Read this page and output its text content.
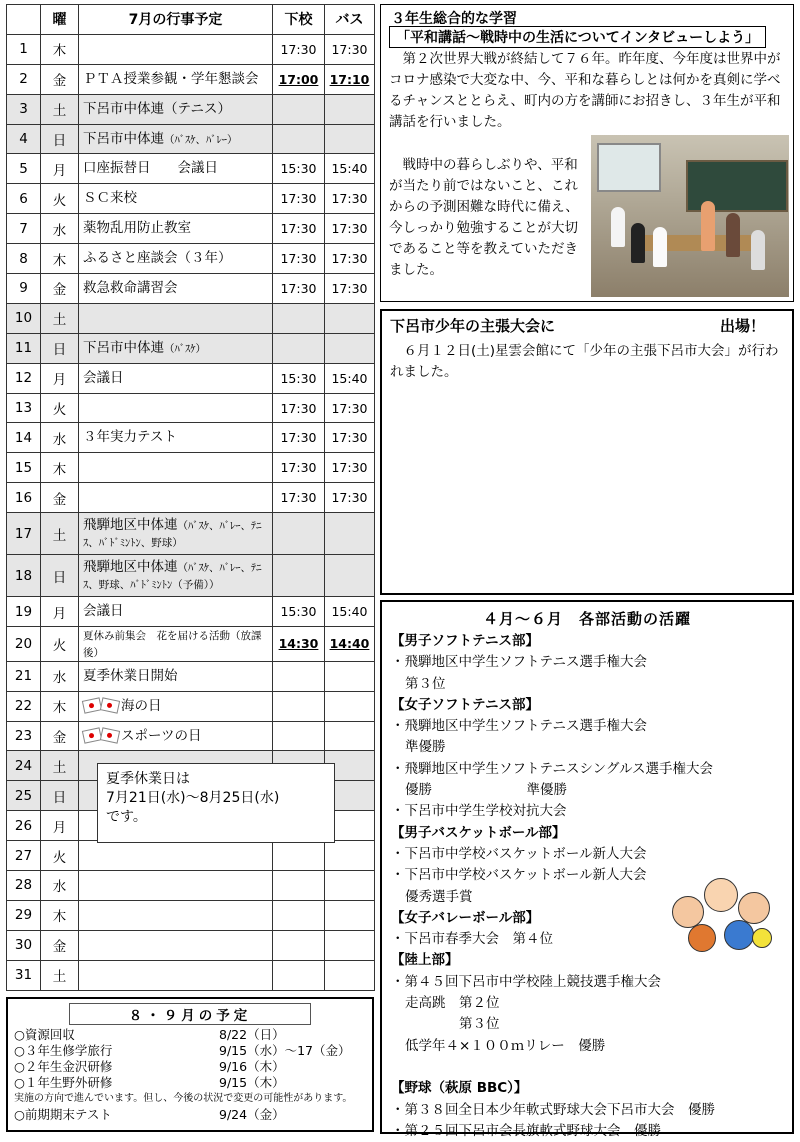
	曜	7月の行事予定	下校	バス
1	木		17:30	17:30
2	金	ＰＴＡ授業参観・学年懇談会	17:00	17:10
3	土	下呂市中体連（テニス）		
4	日	下呂市中体連（ﾊﾞｽｹ、ﾊﾞﾚｰ）		
5	月	口座振替日　　会議日	15:30	15:40
6	火	ＳＣ来校	17:30	17:30
7	水	薬物乱用防止教室	17:30	17:30
8	木	ふるさと座談会（３年）	17:30	17:30
9	金	救急救命講習会	17:30	17:30
10	土			
11	日	下呂市中体連（ﾊﾞｽｹ）		
12	月	会議日	15:30	15:40
13	火		17:30	17:30
14	水	３年実力テスト	17:30	17:30
15	木		17:30	17:30
16	金		17:30	17:30
17	土	飛騨地区中体連（ﾊﾞｽｹ、ﾊﾞﾚｰ、ﾃﾆｽ、ﾊﾞﾄﾞﾐﾝﾄﾝ、野球）		
18	日	飛騨地区中体連（ﾊﾞｽｹ、ﾊﾞﾚｰ、ﾃﾆｽ、野球、ﾊﾞﾄﾞﾐﾝﾄﾝ（予備））		
19	月	会議日	15:30	15:40
20	火	夏休み前集会　花を届ける活動（放課後）	14:30	14:40
21	水	夏季休業日開始		
22	木	海の日		
23	金	スポーツの日		
24	土			
25	日			
26	月			
27	火			
28	水			
29	木			
30	金			
31	土			
夏季休業日は
7月21日(水)～8月25日(水)
です。
８・９月の予定
○資源回収	8/22（日）
○３年生修学旅行	9/15（水）～17（金）
○２年生金沢研修	9/16（木）
○１年生野外研修	9/15（木）
実施の方向で進んでいます。但し、今後の状況で変更の可能性があります。
○前期期末テスト	9/24（金）
３年生総合的な学習
「平和講話～戦時中の生活についてインタビューしよう」
第２次世界大戦が終結して７６年。昨年度、今年度は世界中がコロナ感染で大変な中、今、平和な暮らしとは何かを真剣に学べるチャンスととらえ、町内の方を講師にお招きし、３年生が平和講話を行いました。
戦時中の暮らしぶりや、平和が当たり前ではないこと、これからの予測困難な時代に備え、今しっかり勉強することが大切であること等を教えていただきました。
下呂市少年の主張大会に	出場！
６月１２日(土)星雲会館にて「少年の主張下呂市大会」が行われました。
４月～６月　各部活動の活躍
【男子ソフトテニス部】
・飛騨地区中学生ソフトテニス選手権大会
第３位
【女子ソフトテニス部】
・飛騨地区中学生ソフトテニス選手権大会
準優勝
・飛騨地区中学生ソフトテニスシングルス選手権大会
優勝　　　　　　　準優勝
・下呂市中学生学校対抗大会
【男子バスケットボール部】
・下呂市中学校バスケットボール新人大会
・下呂市中学校バスケットボール新人大会
優秀選手賞
【女子バレーボール部】
・下呂市春季大会　第４位
【陸上部】
・第４５回下呂市中学校陸上競技選手権大会
走高跳　第２位
　　　　第３位
低学年４×１００ｍリレー　優勝
【野球（萩原 BBC）】
・第３８回全日本少年軟式野球大会下呂市大会　優勝
・第２５回下呂市会長旗軟式野球大会　優勝
